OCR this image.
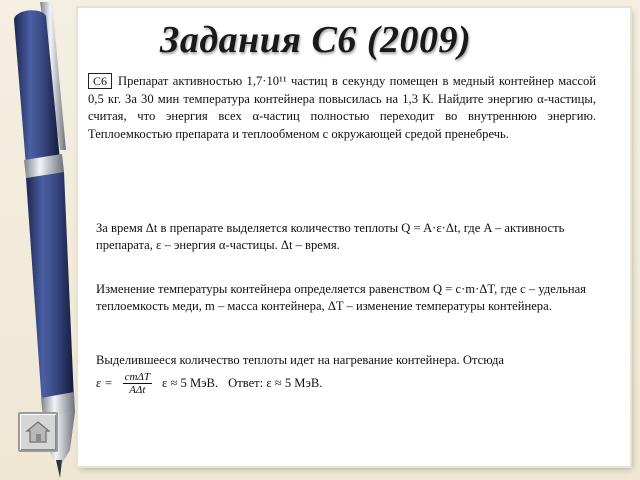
Задания С6 (2009)
С6 Препарат активностью 1,7·10¹¹ частиц в секунду помещен в медный контейнер массой 0,5 кг. За 30 мин температура контейнера повысилась на 1,3 К. Найдите энергию α-частицы, считая, что энергия всех α-частиц полностью переходит во внутреннюю энергию. Теплоемкостью препарата и теплообменом с окружающей средой пренебречь.
За время Δt в препарате выделяется количество теплоты Q = A·ε·Δt, где A – активность препарата, ε – энергия α-частицы. Δt – время.
Изменение температуры контейнера определяется равенством Q = c·m·ΔT, где c – удельная теплоемкость меди, m – масса контейнера, ΔT – изменение температуры контейнера.
Выделившееся количество теплоты идет на нагревание контейнера. Отсюда
$\varepsilon = \frac{\text{cmΔT}}{\text{AΔt}}$ ε ≈ 5 МэВ. Ответ: ε ≈ 5 МэВ.
